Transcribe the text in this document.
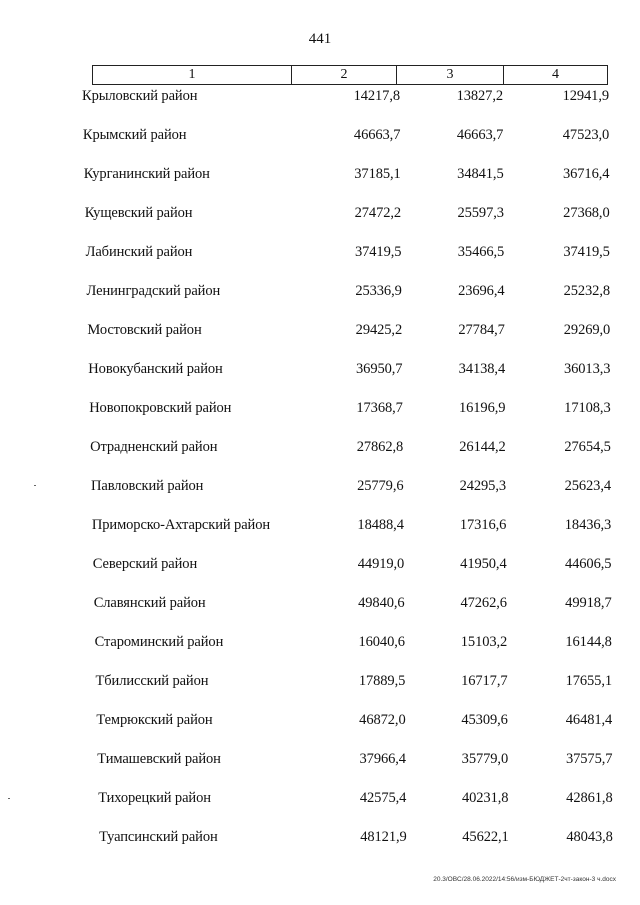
441
1	2	3	4
Крыловский район	14217,8	13827,2	12941,9
Крымский район	46663,7	46663,7	47523,0
Курганинский район	37185,1	34841,5	36716,4
Кущевский район	27472,2	25597,3	27368,0
Лабинский район	37419,5	35466,5	37419,5
Ленинградский район	25336,9	23696,4	25232,8
Мостовский район	29425,2	27784,7	29269,0
Новокубанский район	36950,7	34138,4	36013,3
Новопокровский район	17368,7	16196,9	17108,3
Отрадненский район	27862,8	26144,2	27654,5
Павловский район	25779,6	24295,3	25623,4
Приморско-Ахтарский район	18488,4	17316,6	18436,3
Северский район	44919,0	41950,4	44606,5
Славянский район	49840,6	47262,6	49918,7
Староминский район	16040,6	15103,2	16144,8
Тбилисский район	17889,5	16717,7	17655,1
Темрюкский район	46872,0	45309,6	46481,4
Тимашевский район	37966,4	35779,0	37575,7
Тихорецкий район	42575,4	40231,8	42861,8
Туапсинский район	48121,9	45622,1	48043,8
20.3/OBC/28.06.2022/14:56/изм-БЮДЖЕТ-2чт-закон-3 ч.docx
